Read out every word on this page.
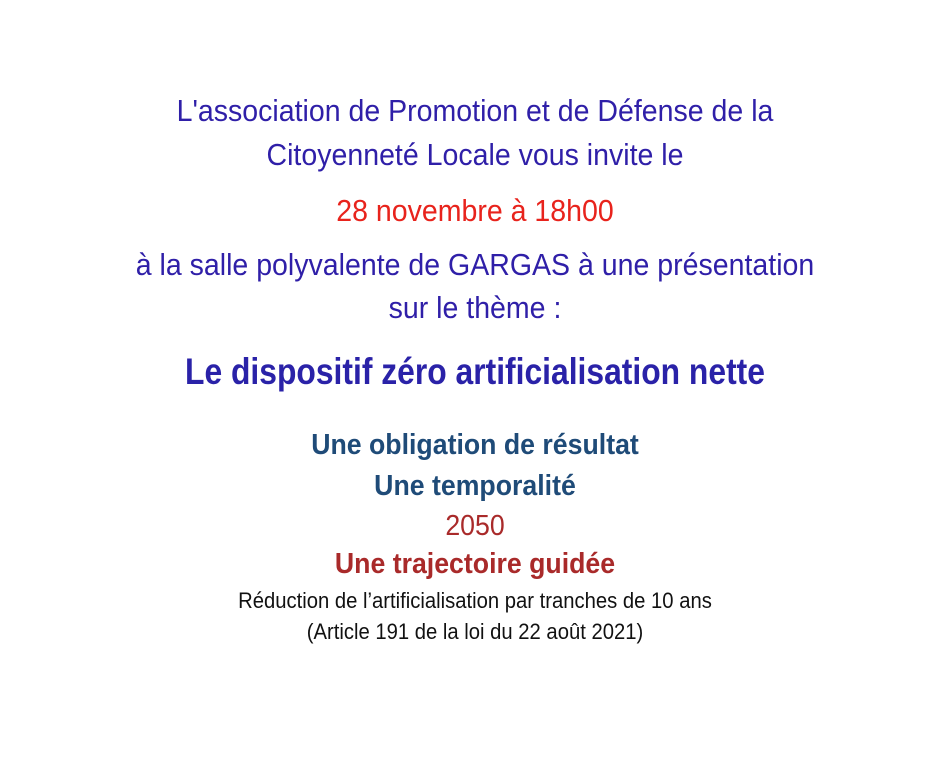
L'association de Promotion et de Défense de la
Citoyenneté Locale vous invite le
28 novembre à 18h00
à la salle polyvalente de GARGAS à une présentation
sur le thème :
Le dispositif zéro artificialisation nette
Une obligation de résultat
Une temporalité
2050
Une trajectoire guidée
Réduction de l’artificialisation par tranches de 10 ans
(Article 191 de la loi du 22 août 2021)
